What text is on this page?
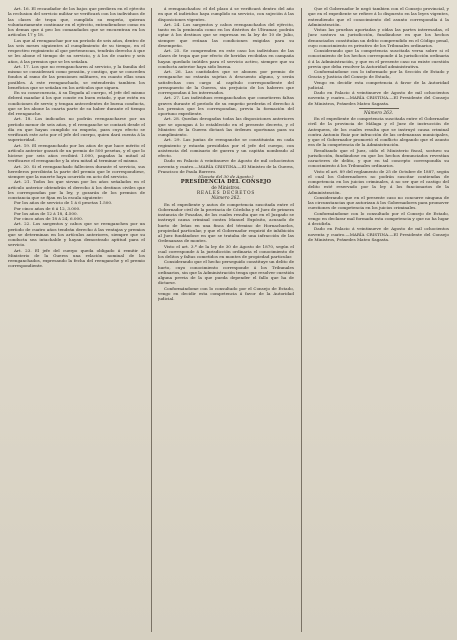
Art. 16. El recaudador de los bajos que perdiera en el ejército la reclusion del servicio militar se verificará con los individuos de las clases de tropa que, cumplida su empeño, quieran voluntariamente continuar en el ejército, entendiendose como en los demas que á peo los comandados que se encuentran en los artículos 17 y 18.

Los que al reenganchar por un período de seis años, dentro de las seis meses siguientes al cumplimiento de su tiempo, en el respectivo regimiento al que pertenezcan, tendrán derecho á que se les abone el tiempo de su servicio, y á los de cuatro y seis años, á las premios que se les señalan.

Art. 17. Los que no reengancharen al servicio, y la familia del mismo se considerará como pensión, y contigo, que se conceden fondos al ramo de las pensiones militares, en cuanto ellas sean posibles. A este reenganchado, se extenderán tambien los beneficios que se señalan en los artículos que siguen.

En su consecuencia, á su llegada al cuerpo, el jefe del mismo deberá mandar á los que conste en buen estado, y que estén en condiciones de servir, y tengan antecedentes de buena conducta, que se les abone la cuarta parte de su haber durante el tiempo del reenganche.

Art. 18. Los indicados no podrán reengancharse por un período menor de seis años, y el reenganche se contará desde el día en que hayan cumplido su empeño, para cuyo efecto se verificará este acto por el jefe del cuerpo, quien dará cuenta á la superioridad.

Art. 19. El reenganchado por los años de que hace mérito el artículo anterior gozará de un premio de 500 pesetas, y el que lo hiciese por seis años recibirá 1.000, pagadas la mitad al verificarse el reenganche y la otra mitad al terminar el mismo.

Art. 20. Si el reenganchado falleciera durante el servicio, sus herederos percibirán la parte del premio que le correspondiese, siempre que la muerte haya ocurrido en acto del servicio.

Art. 21. Todos los que sirvan por los años señalados en el artículo anterior obtendrán el derecho á los destinos civiles que les correspondan por la ley, y gozarán de los premios de constancia que se fijan en la escala siguiente:

Por los años de servicio de 1 á 6 pesetas 1.500.

Por cinco años de 6 á 12, 3.000.

Por los años de 12 á 18, 4.500.

Por cinco años de 18 á 24, 6.000.

Art. 22. Los sargentos y cabos que se reenganchen por un período de cuatro años tendrán derecho á las ventajas y premios que se determinan en los artículos anteriores, siempre que su conducta sea intachable y hayan demostrado aptitud para el servicio.

Art. 23. El jefe del cuerpo queda obligado á remitir al Ministerio de la Guerra una relación nominal de los reenganchados, expresando la fecha del reenganche y el premio correspondiente.

á reenganchados: el del plazo á se verificará dentro del año en que el individuo haya cumplido su servicio, con sujeción á las disposiciones vigentes.

Art. 24. Los sargentos y cabos reenganchados del ejército, tanto en la península como en los distritos de Ultramar, podrán optar á los destinos que se expresan en la ley de 10 de Julio, siempre que reúnan las condiciones exigidas para su desempeño.

Art. 25. Se comprenden en este caso los individuos de las clases de tropa que por efecto de heridas recibidas en campaña hayan quedado inútiles para el servicio activo, siempre que su conducta anterior haya sido buena.

Art. 26. Las cantidades que se abonen por premio de reenganche no estarán sujetas á descuento alguno, y serán satisfechas con cargo al capítulo correspondiente del presupuesto de la Guerra, sin perjuicio de los haberes que correspondan á los interesados.

Art. 27. Los individuos reenganchados que cometieren faltas graves durante el período de su empeño perderán el derecho á los premios que les correspondan, previa la formación del oportuno expediente.

Art. 28. Quedan derogadas todas las disposiciones anteriores que se opongan á lo establecido en el presente decreto, y el Ministro de la Guerra dictará las órdenes oportunas para su cumplimiento.

Art. 29. Las juntas de reenganche se constituirán en cada regimiento y estarán presididas por el jefe del cuerpo, con asistencia del comisario de guerra y un capitán nombrado al efecto.

Dado en Palacio á veintinueve de Agosto de mil ochocientos noventa y cuatro.—MARÍA CRISTINA.—El Ministro de la Guerra, Francisco de Paula Borrero.

(Gaceta del 30 de Agosto.)

PRESIDENCIA DEL CONSEJO

de Ministros.

REALES DECRETOS

Número 262.

En el expediente y autos de competencia suscitada entre el Gobernador civil de la provincia de Córdoba y el Juez de primera instancia de Posadas, de los cuales resulta que en el Juzgado se instruyó causa criminal contra Manuel Expósito, acusado de hurto de leñas en una finca del término de Hornachuelos, propiedad particular, y que el Gobernador requirió de inhibición al Juez fundándose en que se trataba de una infracción de las Ordenanzas de montes.

Visto el art. 3.º de la ley de 30 de Agosto de 1870, según el cual corresponde á la jurisdicción ordinaria el conocimiento de los delitos y faltas cometidos en montes de propiedad particular.

Considerando que el hecho perseguido constituye un delito de hurto, cuyo conocimiento corresponde á los Tribunales ordinarios, sin que la Administración tenga que resolver cuestión alguna previa de la que pueda depender el fallo que ha de dictarse.

Conformándome con lo consultado por el Consejo de Estado, vengo en decidir esta competencia á favor de la Autoridad judicial.

Que el Gobernador le negó tambien con el Consejo provincial, y que en el expediente se refiere á lo dispuesto en las leyes vigentes, entendiendo que el conocimiento del asunto correspondía á la Administración.

Vistas las pruebas aportadas y oídas las partes interesadas, el Juez sostuvo su jurisdicción, fundándose en que los hechos denunciados constituían un delito comprendido en el Código penal, cuyo conocimiento es privativo de los Tribunales ordinarios.

Considerando que la competencia suscitada versa sobre si el conocimiento de los hechos corresponde á la jurisdicción ordinaria ó á la Administración, y que en el presente caso no existe cuestión previa que deba resolver la Autoridad administrativa.

Conformándome con lo informado por la Sección de Estado y Gracia y Justicia del Consejo de Estado,

Vengo en decidir esta competencia á favor de la Autoridad judicial.

Dado en Palacio á veintinueve de Agosto de mil ochocientos noventa y cuatro.—MARÍA CRISTINA.—El Presidente del Consejo de Ministros, Práxedes Mateo Sagasta.

Número 263.

En el expediente de competencia suscitada entre el Gobernador civil de la provincia de Málaga y el Juez de instrucción de Antequera, de los cuales resulta que se instruyó causa criminal contra Antonio Ruiz por infracción de las ordenanzas municipales, y que el Gobernador promovió el conflicto alegando que el asunto era de la competencia de la Administración.

Resultando que el Juez, oído el Ministerio fiscal, sostuvo su jurisdicción, fundándose en que los hechos denunciados revestían caracteres de delito, y que en tal concepto correspondía su conocimiento á los Tribunales ordinarios.

Visto el art. 89 del reglamento de 25 de Octubre de 1887, según el cual los Gobernadores no podrán suscitar contiendas de competencia en los juicios criminales, á no ser que el castigo del delito esté reservado por la ley á los funcionarios de la Administración.

Considerando que en el presente caso no concurre ninguna de las circunstancias que autorizan á los Gobernadores para promover cuestiones de competencia en los juicios criminales.

Conformándome con lo consultado por el Consejo de Estado, vengo en declarar mal formada esta competencia y que no ha lugar á decidirla.

Dado en Palacio á veintinueve de Agosto de mil ochocientos noventa y cuatro.—MARÍA CRISTINA.—El Presidente del Consejo de Ministros, Práxedes Mateo Sagasta.
